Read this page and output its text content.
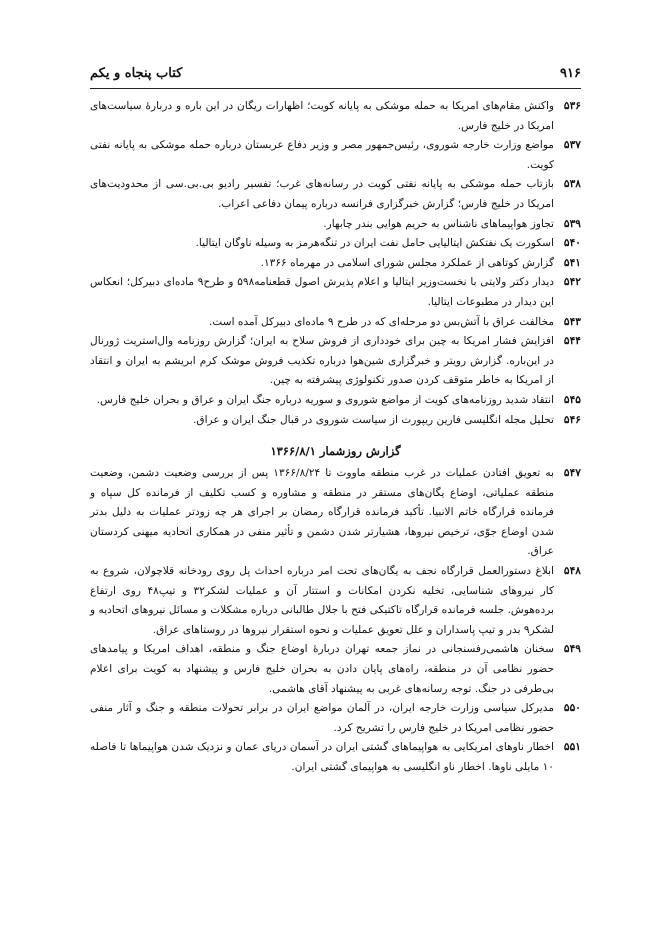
۹۱۶
کتاب پنجاه و یکم
۵۳۶
واکنش مقام‌های امریکا به حمله موشکی به پایانه کویت؛ اظهارات ریگان در این باره و دربارهٔ سیاست‌های امریکا در خلیج فارس.
۵۳۷
مواضع وزارت خارجه شوروی، رئیس‌جمهور مصر و وزیر دفاع عربستان درباره حمله موشکی به پایانه نفتی کویت.
۵۳۸
بازتاب حمله موشکی به پایانه نفتی کویت در رسانه‌های غرب؛ تفسیر رادیو بی.بی.سی از محدودیت‌های امریکا در خلیج فارس؛ گزارش خبرگزاری فرانسه درباره پیمان دفاعی اعراب.
۵۳۹
تجاوز هواپیماهای ناشناس به حریم هوایی بندر چابهار.
۵۴۰
اسکورت یک نفتکش ایتالیایی حامل نفت ایران در تنگه‌هرمز به وسیله ناوگان ایتالیا.
۵۴۱
گزارش کوتاهی از عملکرد مجلس شورای اسلامی در مهرماه ۱۳۶۶.
۵۴۲
دیدار دکتر ولایتی با نخست‌وزیر ایتالیا و اعلام پذیرش اصول قطعنامه۵۹۸ و طرح۹ ماده‌ای دبیرکل؛ انعکاس این دیدار در مطبوعات ایتالیا.
۵۴۳
مخالفت عراق با آتش‌بس دو مرحله‌ای که در طرح ۹ ماده‌ای دبیرکل آمده است.
۵۴۴
افزایش فشار امریکا به چین برای خودداری از فروش سلاح به ایران؛ گزارش روزنامه وال‌استریت ژورنال در این‌باره. گزارش رویتر و خبرگزاری شین‌هوا درباره تکذیب فروش موشک کرم ابریشم به ایران و انتقاد از امریکا به خاطر متوقف کردن صدور تکنولوژی پیشرفته به چین.
۵۴۵
انتقاد شدید روزنامه‌های کویت از مواضع شوروی و سوریه درباره جنگ ایران و عراق و بحران خلیج فارس.
۵۴۶
تحلیل مجله انگلیسی فارین ریپورت از سیاست شوروی در قبال جنگ ایران و عراق.
گزارش روزشمار ۱۳۶۶/۸/۱
۵۴۷
به تعویق افتادن عملیات در غرب منطقه ماووت تا ۱۳۶۶/۸/۲۴ پس از بررسی وضعیت دشمن، وضعیت منطقه عملیاتی، اوضاع یگان‌های مستقر در منطقه و مشاوره و کسب تکلیف از فرمانده کل سپاه و فرمانده قرارگاه خاتم الانبیا. تأکید فرمانده قرارگاه رمضان بر اجرای هر چه زودتر عملیات به دلیل بدتر شدن اوضاع جوّی، ترخیص نیروها، هشیارتر شدن دشمن و تأثیر منفی در همکاری اتحادیه میهنی کردستان عراق.
۵۴۸
ابلاغ دستورالعمل قرارگاه نجف به یگان‌های تحت امر درباره احداث پل روی رودخانه قلاچولان، شروع به کار نیروهای شناسایی، تخلیه نکردن امکانات و استتار آن و عملیات لشکر۳۲ و تیپ۴۸ روی ارتفاع بردەهوش. جلسه فرمانده قرارگاه تاکتیکی فتح با جلال طالبانی درباره مشکلات و مسائل نیروهای اتحادیه و لشکر۹ بدر و تیپ پاسداران و علل تعویق عملیات و نحوه استقرار نیروها در روستاهای عراق.
۵۴۹
سخنان هاشمی‌رفسنجانی در نماز جمعه تهران دربارهٔ اوضاع جنگ و منطقه، اهداف امریکا و پیامدهای حضور نظامی آن در منطقه، راه‌های پایان دادن به بحران خلیج فارس و پیشنهاد به کویت برای اعلام بی‌طرفی در جنگ. توجه رسانه‌های غربی به پیشنهاد آقای هاشمی.
۵۵۰
مدیرکل سیاسی وزارت خارجه ایران، در آلمان مواضع ایران در برابر تحولات منطقه و جنگ و آثار منفی حضور نظامی امریکا در خلیج فارس را تشریح کرد.
۵۵۱
اخطار ناوهای امریکایی به هواپیماهای گشتی ایران در آسمان دریای عمان و نزدیک شدن هواپیماها تا فاصله ۱۰ مایلی ناوها. اخطار ناو انگلیسی به هواپیمای گشتی ایران.
